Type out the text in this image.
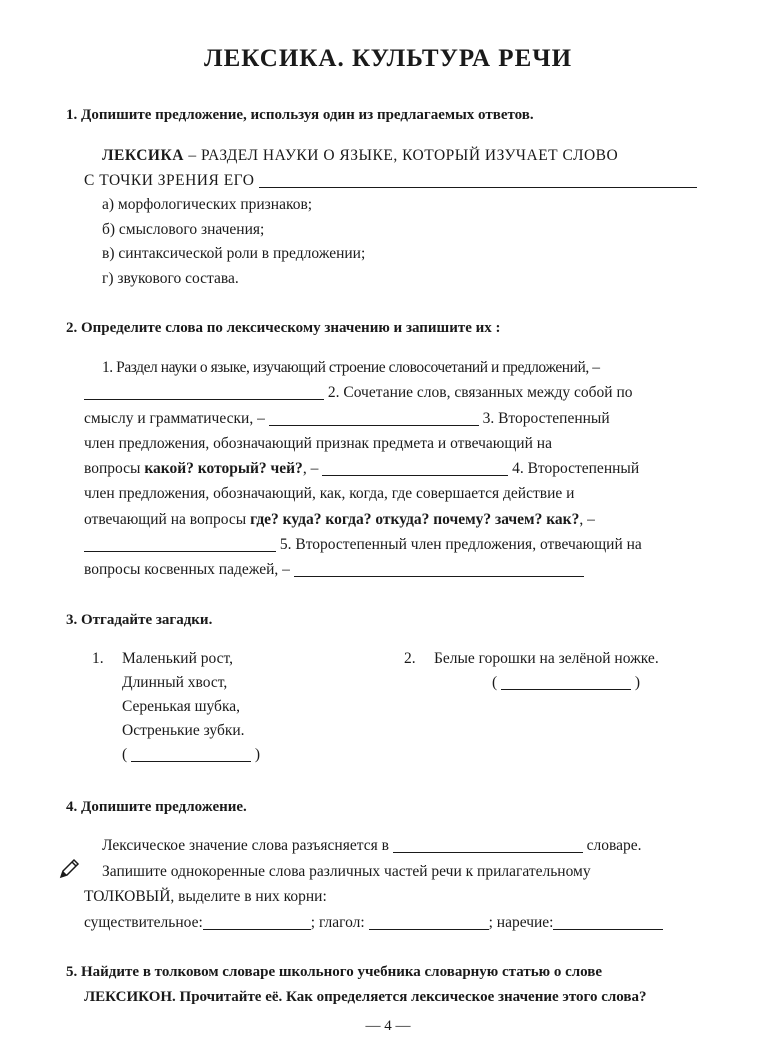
ЛЕКСИКА. КУЛЬТУРА РЕЧИ
1. Допишите предложение, используя один из предлагаемых ответов.
ЛЕКСИКА – РАЗДЕЛ НАУКИ О ЯЗЫКЕ, КОТОРЫЙ ИЗУЧАЕТ СЛОВО
С ТОЧКИ ЗРЕНИЯ ЕГО
а) морфологических признаков;
б) смыслового значения;
в) синтаксической роли в предложении;
г) звукового состава.
2. Определите слова по лексическому значению и запишите их :
1. Раздел науки о языке, изучающий строение словосочетаний и предложений, –
2. Сочетание слов, связанных между собой по
смыслу и грамматически, –	3. Второстепенный
член предложения, обозначающий признак предмета и отвечающий на
вопросы какой? который? чей?, –	4. Второстепенный
член предложения, обозначающий, как, когда, где совершается действие и
отвечающий на вопросы где? куда? когда? откуда? почему? зачем? как?, –
5. Второстепенный член предложения, отвечающий на
вопросы косвенных падежей, –
3. Отгадайте загадки.
1. Маленький рост,
Длинный хвост,
Серенькая шубка,
Остренькие зубки.
(	)
2. Белые горошки на зелёной ножке.
(	)
4. Допишите предложение.
Лексическое значение слова разъясняется в	словаре.
Запишите однокоренные слова различных частей речи к прилагательному
ТОЛКОВЫЙ, выделите в них корни:
существительное:	; глагол:	; наречие:
5. Найдите в толковом словаре школьного учебника словарную статью о слове
ЛЕКСИКОН. Прочитайте её. Как определяется лексическое значение этого слова?
— 4 —
